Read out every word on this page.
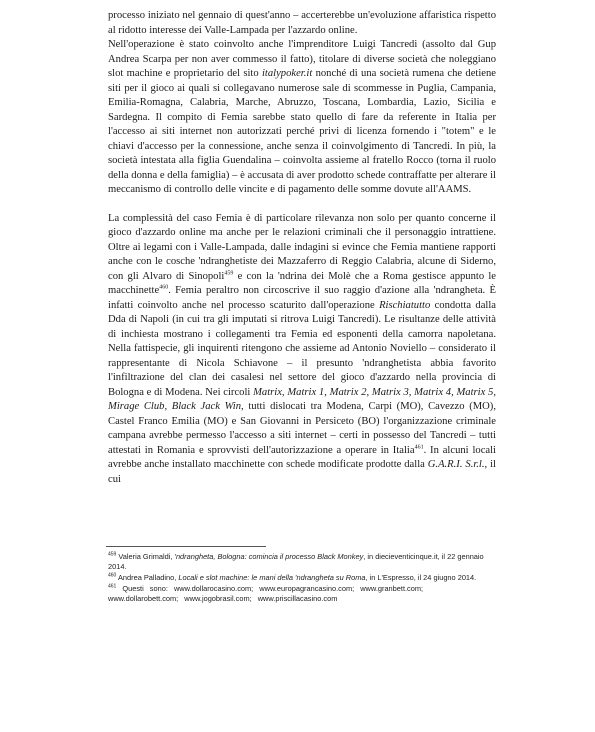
processo iniziato nel gennaio di quest'anno – accerterebbe un'evoluzione affaristica rispetto al ridotto interesse dei Valle-Lampada per l'azzardo online.

Nell'operazione è stato coinvolto anche l'imprenditore Luigi Tancredi (assolto dal Gup Andrea Scarpa per non aver commesso il fatto), titolare di diverse società che noleggiano slot machine e proprietario del sito italypoker.it nonché di una società rumena che detiene siti per il gioco ai quali si collegavano numerose sale di scommesse in Puglia, Campania, Emilia-Romagna, Calabria, Marche, Abruzzo, Toscana, Lombardia, Lazio, Sicilia e Sardegna. Il compito di Femia sarebbe stato quello di fare da referente in Italia per l'accesso ai siti internet non autorizzati perché privi di licenza fornendo i "totem" e le chiavi d'accesso per la connessione, anche senza il coinvolgimento di Tancredi. In più, la società intestata alla figlia Guendalina – coinvolta assieme al fratello Rocco (torna il ruolo della donna e della famiglia) – è accusata di aver prodotto schede contraffatte per alterare il meccanismo di controllo delle vincite e di pagamento delle somme dovute all'AAMS.

La complessità del caso Femia è di particolare rilevanza non solo per quanto concerne il gioco d'azzardo online ma anche per le relazioni criminali che il personaggio intrattiene. Oltre ai legami con i Valle-Lampada, dalle indagini si evince che Femia mantiene rapporti anche con le cosche 'ndranghetiste dei Mazzaferro di Reggio Calabria, alcune di Siderno, con gli Alvaro di Sinopoli$^{459}$ e con la 'ndrina dei Molè che a Roma gestisce appunto le macchinette$^{460}$. Femia peraltro non circoscrive il suo raggio d'azione alla 'ndrangheta. È infatti coinvolto anche nel processo scaturito dall'operazione Rischiatutto condotta dalla Dda di Napoli (in cui tra gli imputati si ritrova Luigi Tancredi). Le risultanze delle attività di inchiesta mostrano i collegamenti tra Femia ed esponenti della camorra napoletana. Nella fattispecie, gli inquirenti ritengono che assieme ad Antonio Noviello – considerato il rappresentante di Nicola Schiavone – il presunto 'ndranghetista abbia favorito l'infiltrazione del clan dei casalesi nel settore del gioco d'azzardo nella provincia di Bologna e di Modena. Nei circoli Matrix, Matrix 1, Matrix 2, Matrix 3, Matrix 4, Matrix 5, Mirage Club, Black Jack Win, tutti dislocati tra Modena, Carpi (MO), Cavezzo (MO), Castel Franco Emilia (MO) e San Giovanni in Persiceto (BO) l'organizzazione criminale campana avrebbe permesso l'accesso a siti internet – certi in possesso del Tancredi – tutti attestati in Romania e sprovvisti dell'autorizzazione a operare in Italia$^{461}$. In alcuni locali avrebbe anche installato macchinette con schede modificate prodotte dalla G.A.R.I. S.r.l., il cui

$^{459}$ Valeria Grimaldi, 'ndrangheta, Bologna: comincia il processo Black Monkey, in diecieventicinque.it, il 22 gennaio 2014.

$^{460}$ Andrea Palladino, Locali e slot machine: le mani della 'ndrangheta su Roma, in L'Espresso, il 24 giugno 2014.

$^{461}$ Questi sono: www.dollarocasino.com; www.europagrancasino.com; www.granbett.com; www.dollarobett.com; www.jogobrasil.com; www.priscillacasino.com
